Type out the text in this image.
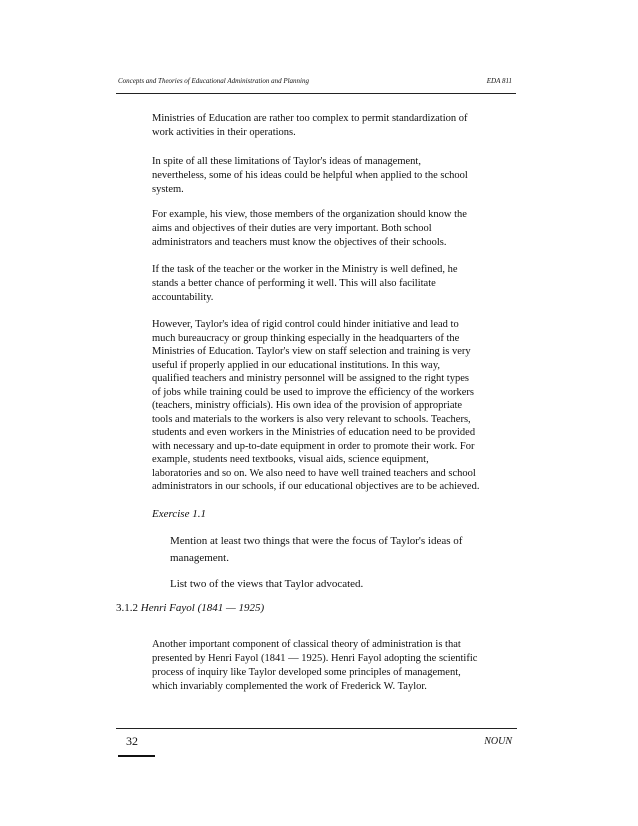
Concepts and Theories of Educational Administration and Planning	EDA 811

Ministries of Education are rather too complex to permit standardization of

work activities in their operations.

In spite of all these limitations of Taylor's ideas of management,

nevertheless, some of his ideas could be helpful when applied to the school

system.

For example, his view, those members of the organization should know the

aims and objectives of their duties are very important. Both school

administrators and teachers must know the objectives of their schools.

If the task of the teacher or the worker in the Ministry is well defined, he

stands a better chance of performing it well. This will also facilitate

accountability.

However, Taylor's idea of rigid control could hinder initiative and lead to

much bureaucracy or group thinking especially in the headquarters of the

Ministries of Education. Taylor's view on staff selection and training is very

useful if properly applied in our educational institutions. In this way,

qualified teachers and ministry personnel will be assigned to the right types

of jobs while training could be used to improve the efficiency of the workers

(teachers, ministry officials). His own idea of the provision of appropriate

tools and materials to the workers is also very relevant to schools. Teachers,

students and even workers in the Ministries of education need to be provided

with necessary and up-to-date equipment in order to promote their work. For

example, students need textbooks, visual aids, science equipment,

laboratories and so on. We also need to have well trained teachers and school

administrators in our schools, if our educational objectives are to be achieved.

Exercise 1.1
Mention at least two things that were the focus of Taylor's ideas of
management.
List two of the views that Taylor advocated.
3.1.2 Henri Fayol (1841 — 1925)

Another important component of classical theory of administration is that

presented by Henri Fayol (1841 — 1925). Henri Fayol adopting the scientific

process of inquiry like Taylor developed some principles of management,

which invariably complemented the work of Frederick W. Taylor.

32	NOUN
